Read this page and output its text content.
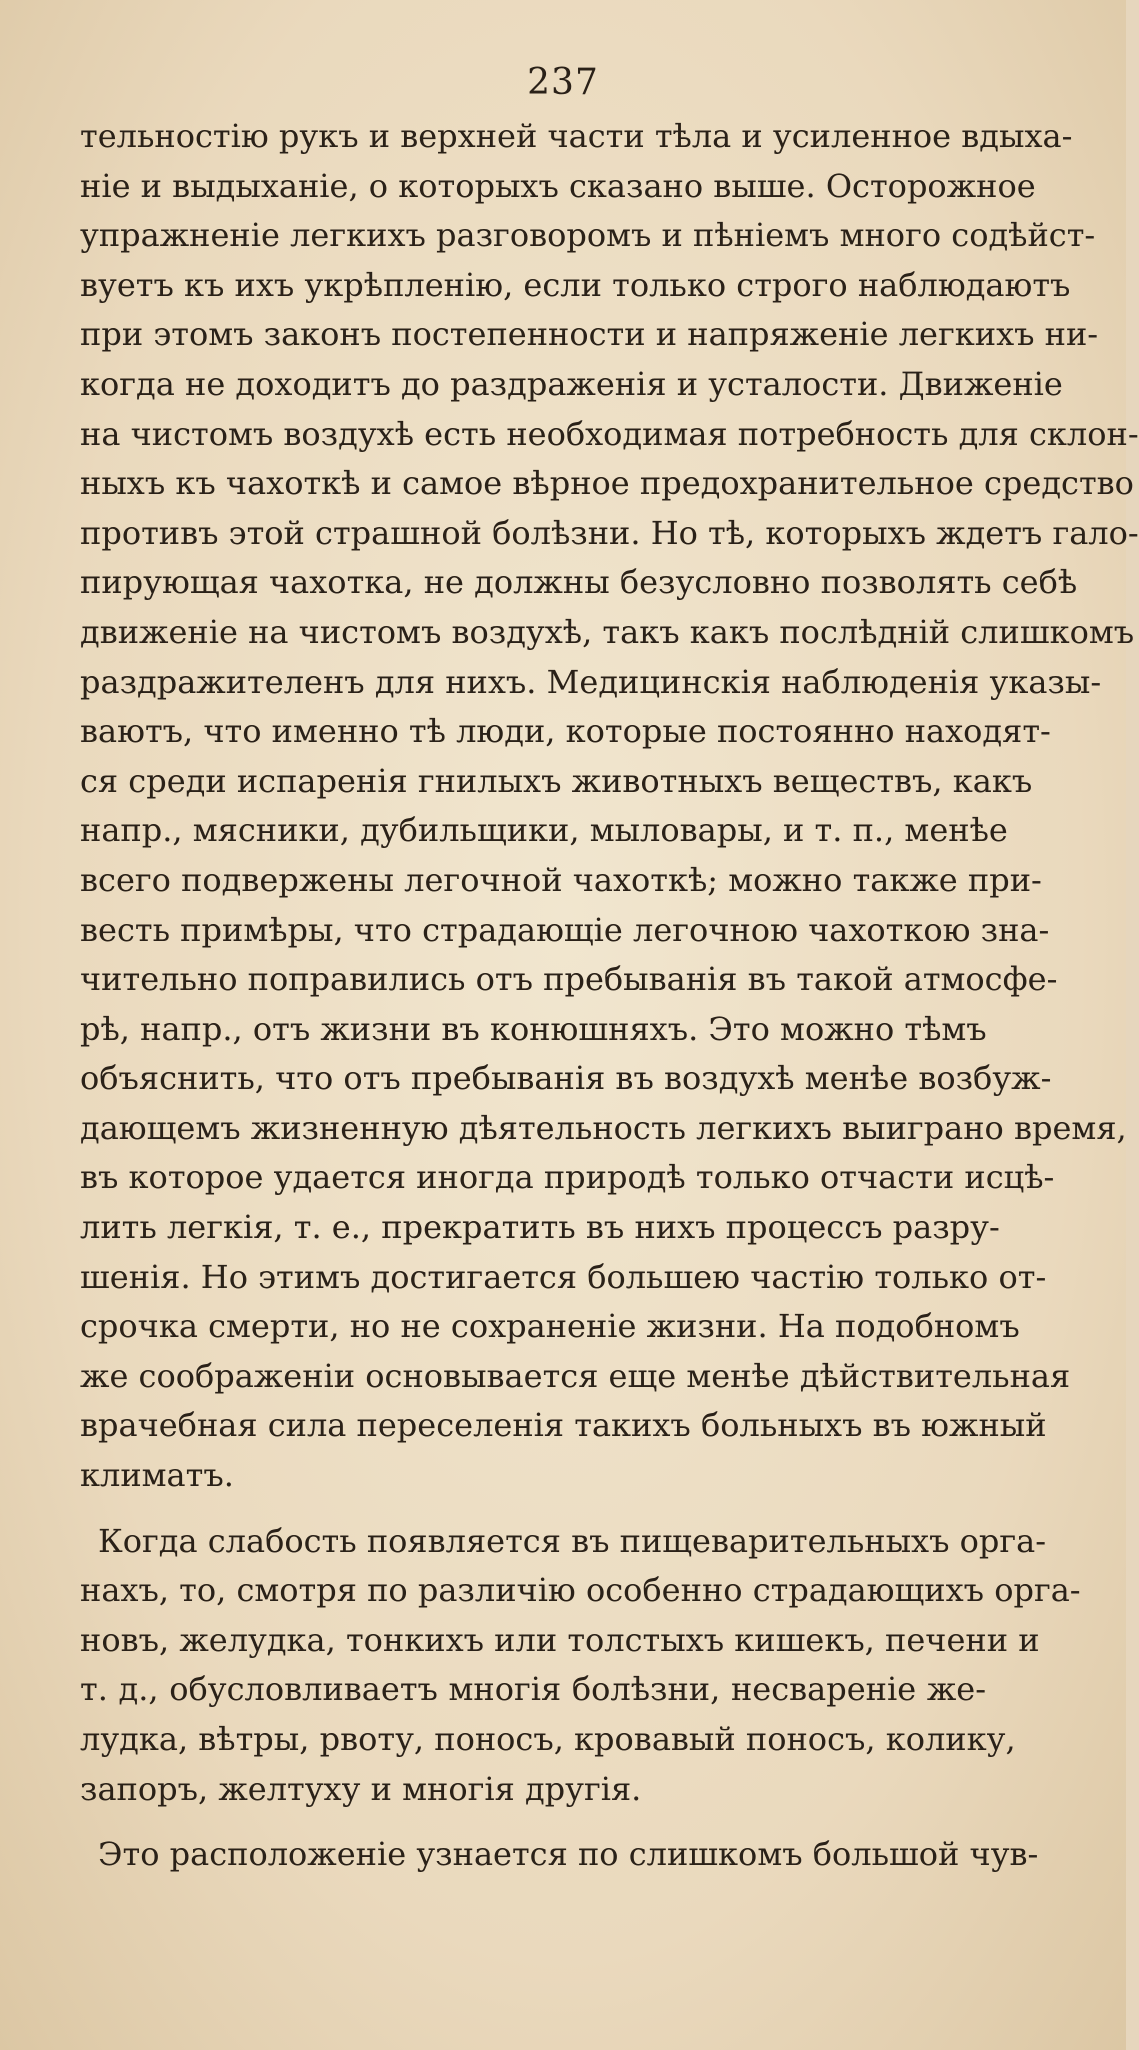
237
тельностію рукъ и верхней части тѣла и усиленное вдыха-
ніе и выдыханіе, о которыхъ сказано выше. Осторожное
упражненіе легкихъ разговоромъ и пѣніемъ много содѣйст-
вуетъ къ ихъ укрѣпленію, если только строго наблюдаютъ
при этомъ законъ постепенности и напряженіе легкихъ ни-
когда не доходитъ до раздраженія и усталости. Движеніе
на чистомъ воздухѣ есть необходимая потребность для склон-
ныхъ къ чахоткѣ и самое вѣрное предохранительное средство
противъ этой страшной болѣзни. Но тѣ, которыхъ ждетъ гало-
пирующая чахотка, не должны безусловно позволять себѣ
движеніе на чистомъ воздухѣ, такъ какъ послѣдній слишкомъ
раздражителенъ для нихъ. Медицинскія наблюденія указы-
ваютъ, что именно тѣ люди, которые постоянно находят-
ся среди испаренія гнилыхъ животныхъ веществъ, какъ
напр., мясники, дубильщики, мыловары, и т. п., менѣе
всего подвержены легочной чахоткѣ; можно также при-
весть примѣры, что страдающіе легочною чахоткою зна-
чительно поправились отъ пребыванія въ такой атмосфе-
рѣ, напр., отъ жизни въ конюшняхъ. Это можно тѣмъ
объяснить, что отъ пребыванія въ воздухѣ менѣе возбуж-
дающемъ жизненную дѣятельность легкихъ выиграно время,
въ которое удается иногда природѣ только отчасти исцѣ-
лить легкія, т. е., прекратить въ нихъ процессъ разру-
шенія. Но этимъ достигается большею частію только от-
срочка смерти, но не сохраненіе жизни. На подобномъ
же соображеніи основывается еще менѣе дѣйствительная
врачебная сила переселенія такихъ больныхъ въ южный
климатъ.
Когда слабость появляется въ пищеварительныхъ орга-
нахъ, то, смотря по различію особенно страдающихъ орга-
новъ, желудка, тонкихъ или толстыхъ кишекъ, печени и
т. д., обусловливаетъ многія болѣзни, несвареніе же-
лудка, вѣтры, рвоту, поносъ, кровавый поносъ, колику,
запоръ, желтуху и многія другія.
Это расположеніе узнается по слишкомъ большой чув-
